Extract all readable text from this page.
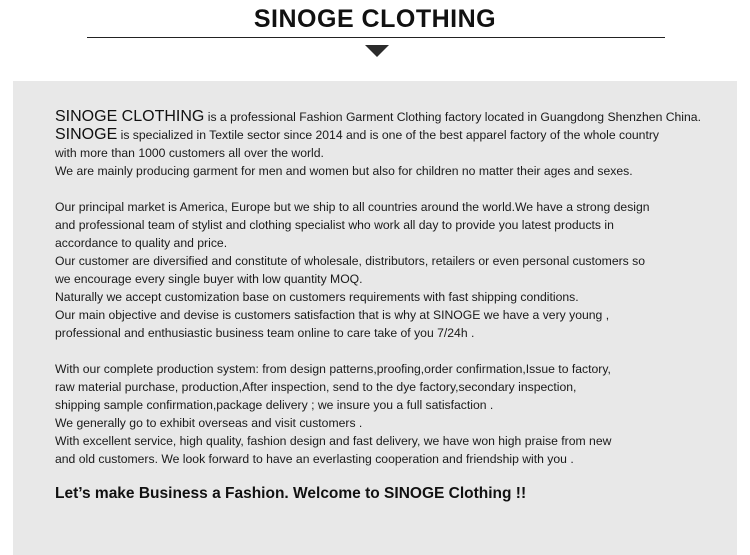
SINOGE CLOTHING
SINOGE CLOTHING is a professional Fashion Garment Clothing factory located in Guangdong Shenzhen China.
SINOGE is specialized in Textile sector since 2014 and is one of the best apparel factory of the whole country
with more than 1000 customers all over the world.
We are mainly producing garment for men and women but also for children no matter their ages and sexes.
Our principal market is America, Europe but we ship to all countries around the world.We have a strong design
and professional team of stylist and clothing specialist who work all day to provide you latest products in
accordance to quality and price.
Our customer are diversified and constitute of wholesale, distributors, retailers or even personal customers so
we encourage every single buyer with low quantity MOQ.
Naturally we accept customization base on customers requirements with fast shipping conditions.
Our main objective and devise is customers satisfaction that is why at SINOGE we have a very young ,
professional and enthusiastic business team online to care take of you 7/24h .
With our complete production system: from design patterns,proofing,order confirmation,Issue to factory,
raw material purchase, production,After inspection, send to the dye factory,secondary inspection,
shipping sample confirmation,package delivery ; we insure you a full satisfaction .
We generally go to exhibit overseas and visit customers .
With excellent service, high quality, fashion design and fast delivery, we have won high praise from new
and old customers. We look forward to have an everlasting cooperation and friendship with you .
Let’s make Business a Fashion. Welcome to SINOGE Clothing !!
